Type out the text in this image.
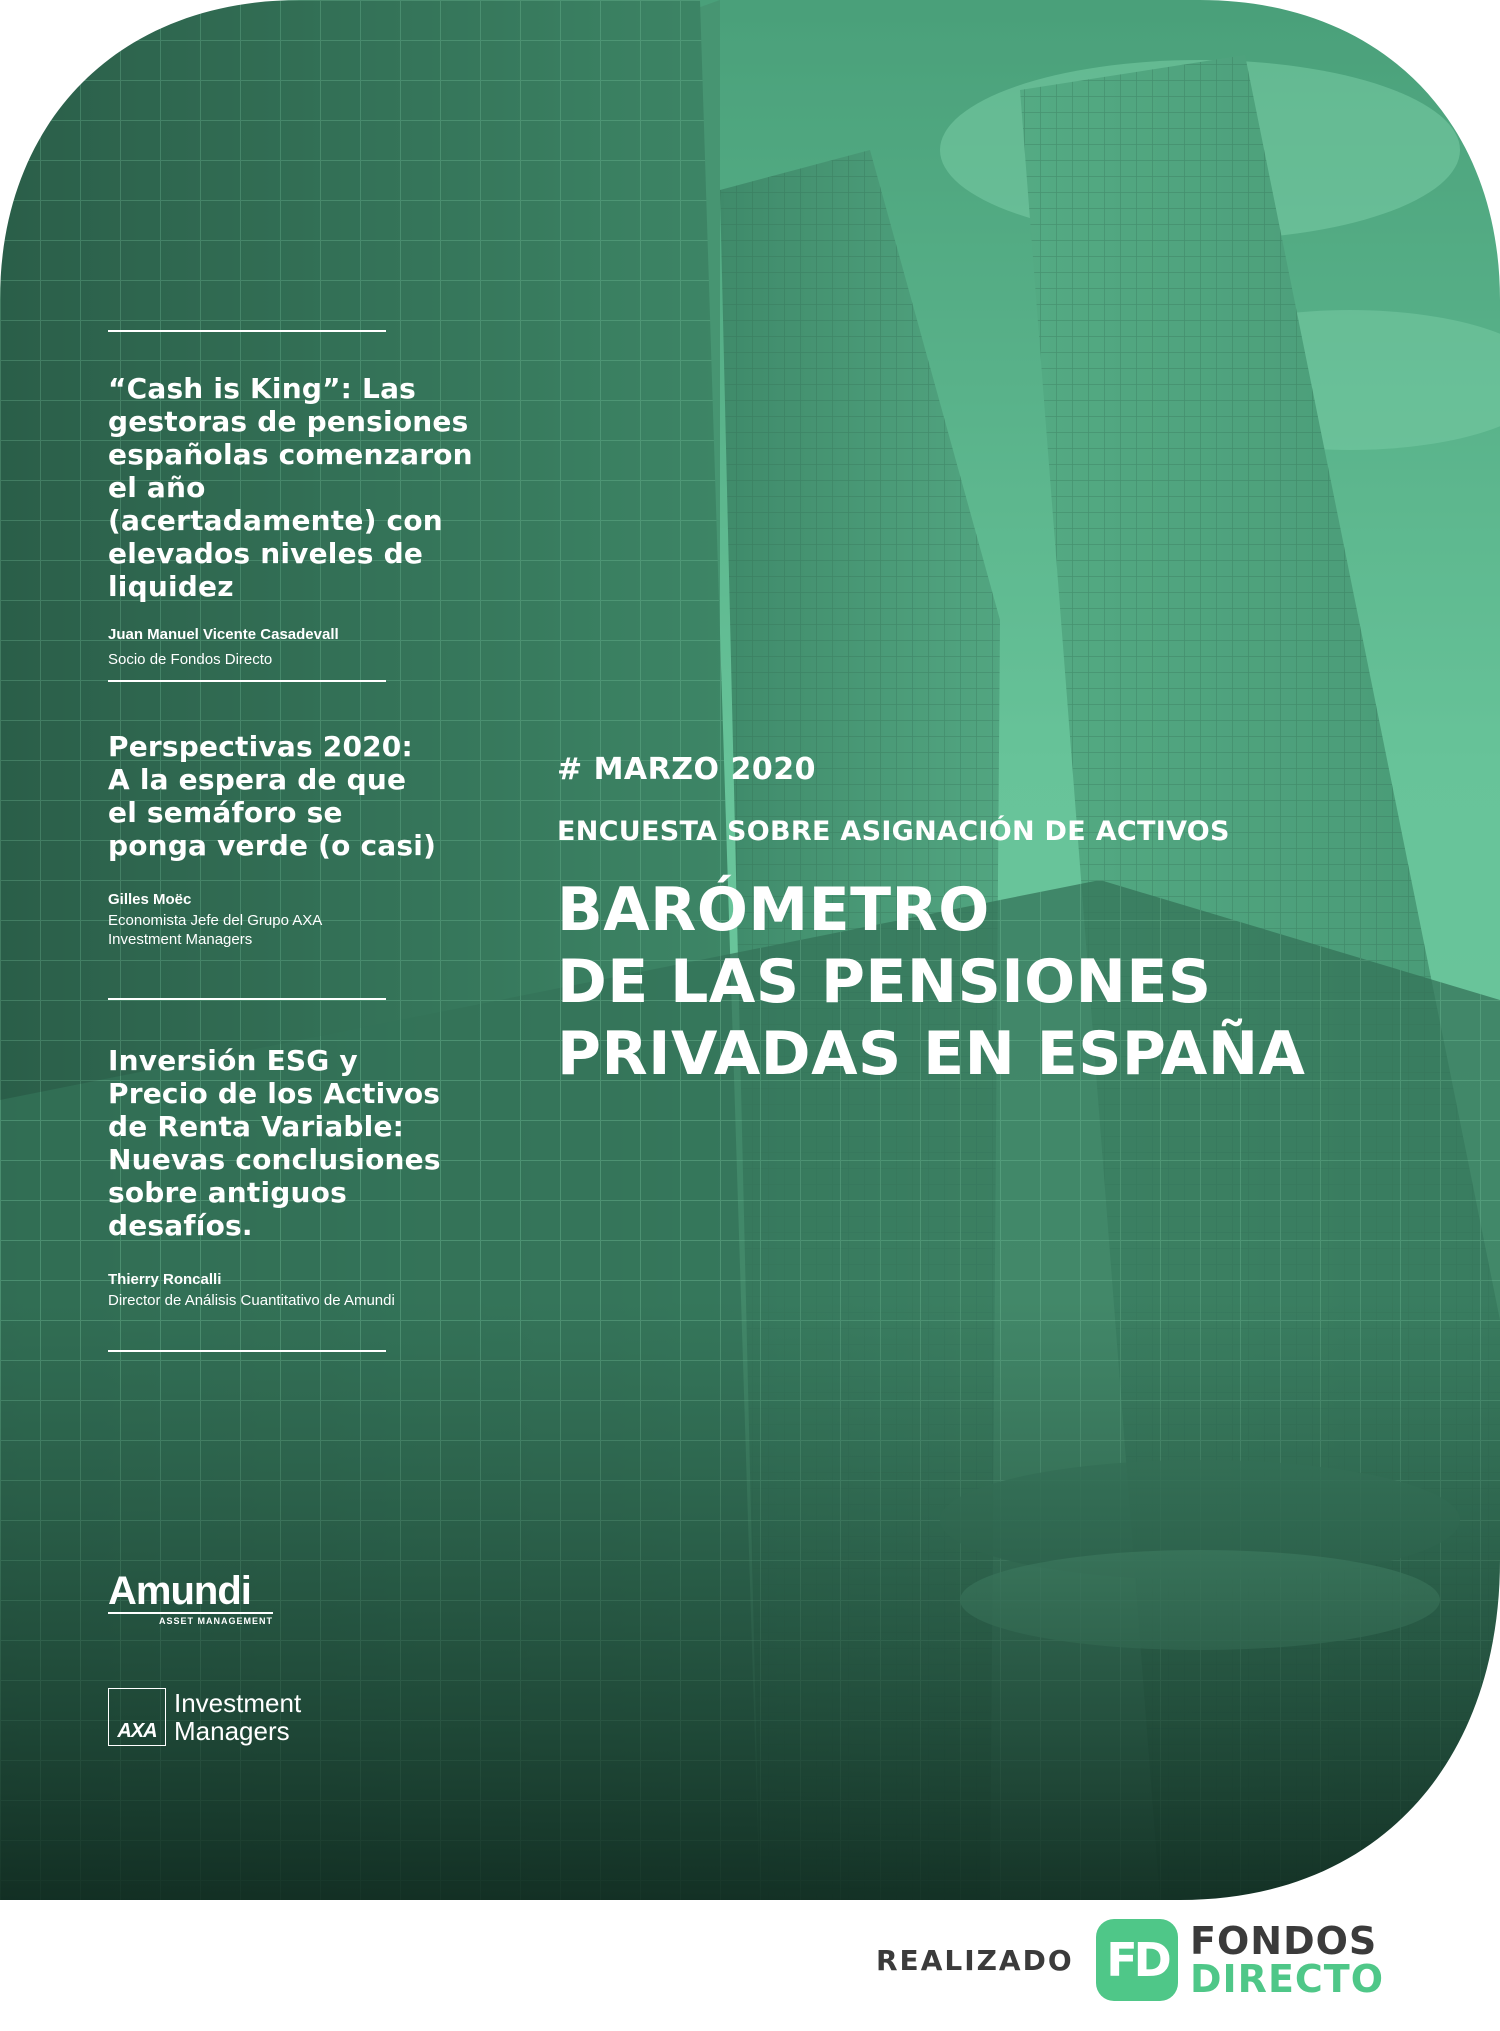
“Cash is King”: Las gestoras de pensiones españolas comenzaron el año (acertadamente) con elevados niveles de liquidez

Juan Manuel Vicente Casadevall

Socio de Fondos Directo

Perspectivas 2020: A la espera de que el semáforo se ponga verde (o casi)

Gilles Moëc

Economista Jefe del Grupo AXA Investment Managers

Inversión ESG y Precio de los Activos de Renta Variable: Nuevas conclusiones sobre antiguos desafíos.

Thierry Roncalli

Director de Análisis Cuantitativo de Amundi

Amundi
ASSET MANAGEMENT
AXA
Investment
Managers
# MARZO 2020
ENCUESTA SOBRE ASIGNACIÓN DE ACTIVOS
BARÓMETRO
DE LAS PENSIONES
PRIVADAS EN ESPAÑA
REALIZADO FD FONDOS
DIRECTO
